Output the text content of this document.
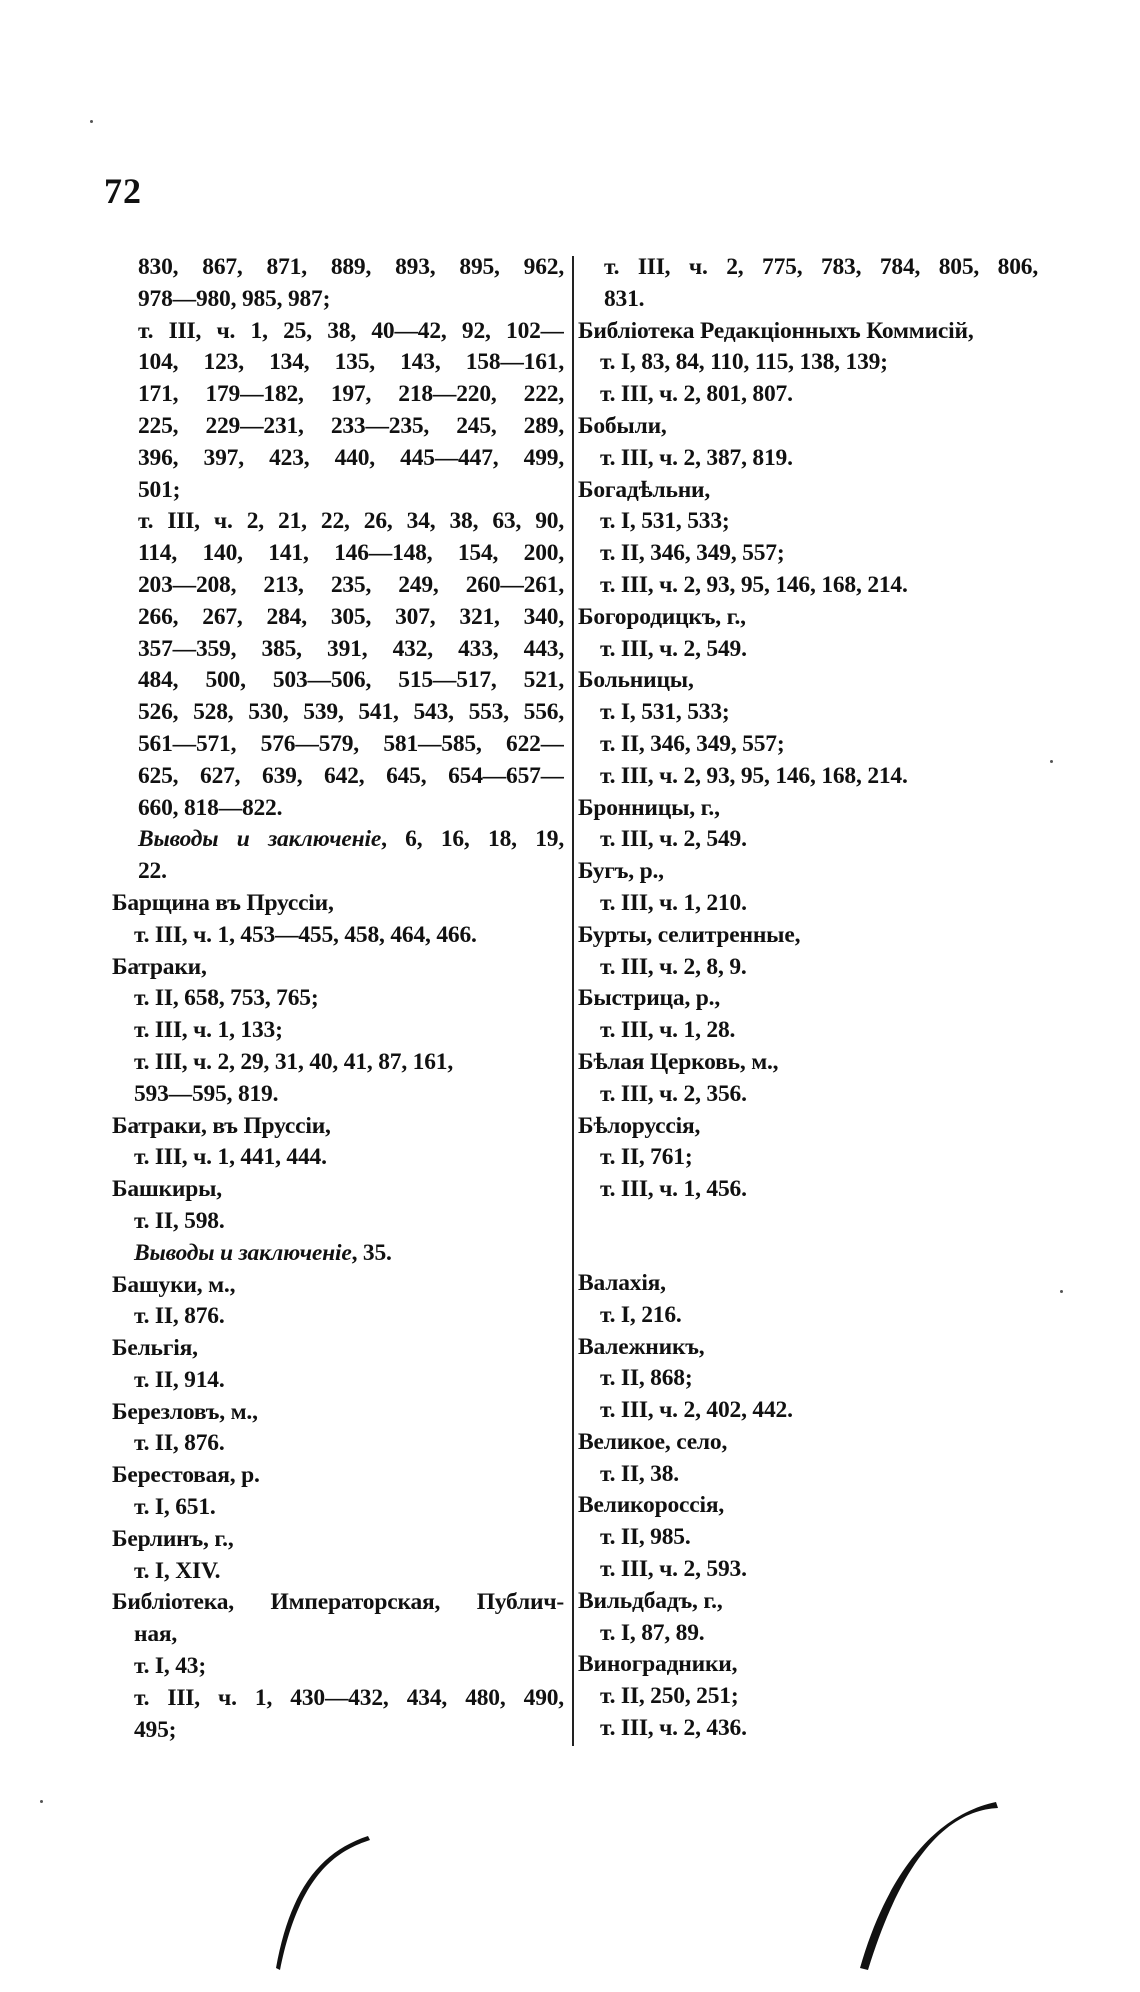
72
830, 867, 871, 889, 893, 895, 962,
978—980, 985, 987;
т. III, ч. 1, 25, 38, 40—42, 92, 102—
104, 123, 134, 135, 143, 158—161,
171, 179—182, 197, 218—220, 222,
225, 229—231, 233—235, 245, 289,
396, 397, 423, 440, 445—447, 499,
501;
т. III, ч. 2, 21, 22, 26, 34, 38, 63, 90,
114, 140, 141, 146—148, 154, 200,
203—208, 213, 235, 249, 260—261,
266, 267, 284, 305, 307, 321, 340,
357—359, 385, 391, 432, 433, 443,
484, 500, 503—506, 515—517, 521,
526, 528, 530, 539, 541, 543, 553, 556,
561—571, 576—579, 581—585, 622—
625, 627, 639, 642, 645, 654—657—
660, 818—822.
Выводы и заключеніе, 6, 16, 18, 19,
22.
Барщина въ Пруссіи,
т. III, ч. 1, 453—455, 458, 464, 466.
Батраки,
т. II, 658, 753, 765;
т. III, ч. 1, 133;
т. III, ч. 2, 29, 31, 40, 41, 87, 161,
593—595, 819.
Батраки, въ Пруссіи,
т. III, ч. 1, 441, 444.
Башкиры,
т. II, 598.
Выводы и заключеніе, 35.
Башуки, м.,
т. II, 876.
Бельгія,
т. II, 914.
Березловъ, м.,
т. II, 876.
Берестовая, р.
т. I, 651.
Берлинъ, г.,
т. I, XIV.
Библіотека, Императорская, Публич-
ная,
т. I, 43;
т. III, ч. 1, 430—432, 434, 480, 490,
495;
т. III, ч. 2, 775, 783, 784, 805, 806,
831.
Библіотека Редакціонныхъ Коммисій,
т. I, 83, 84, 110, 115, 138, 139;
т. III, ч. 2, 801, 807.
Бобыли,
т. III, ч. 2, 387, 819.
Богадѣльни,
т. I, 531, 533;
т. II, 346, 349, 557;
т. III, ч. 2, 93, 95, 146, 168, 214.
Богородицкъ, г.,
т. III, ч. 2, 549.
Больницы,
т. I, 531, 533;
т. II, 346, 349, 557;
т. III, ч. 2, 93, 95, 146, 168, 214.
Бронницы, г.,
т. III, ч. 2, 549.
Бугъ, р.,
т. III, ч. 1, 210.
Бурты, селитренные,
т. III, ч. 2, 8, 9.
Быстрица, р.,
т. III, ч. 1, 28.
Бѣлая Церковь, м.,
т. III, ч. 2, 356.
Бѣлоруссія,
т. II, 761;
т. III, ч. 1, 456.
Валахія,
т. I, 216.
Валежникъ,
т. II, 868;
т. III, ч. 2, 402, 442.
Великое, село,
т. II, 38.
Великороссія,
т. II, 985.
т. III, ч. 2, 593.
Вильдбадъ, г.,
т. I, 87, 89.
Виноградники,
т. II, 250, 251;
т. III, ч. 2, 436.
